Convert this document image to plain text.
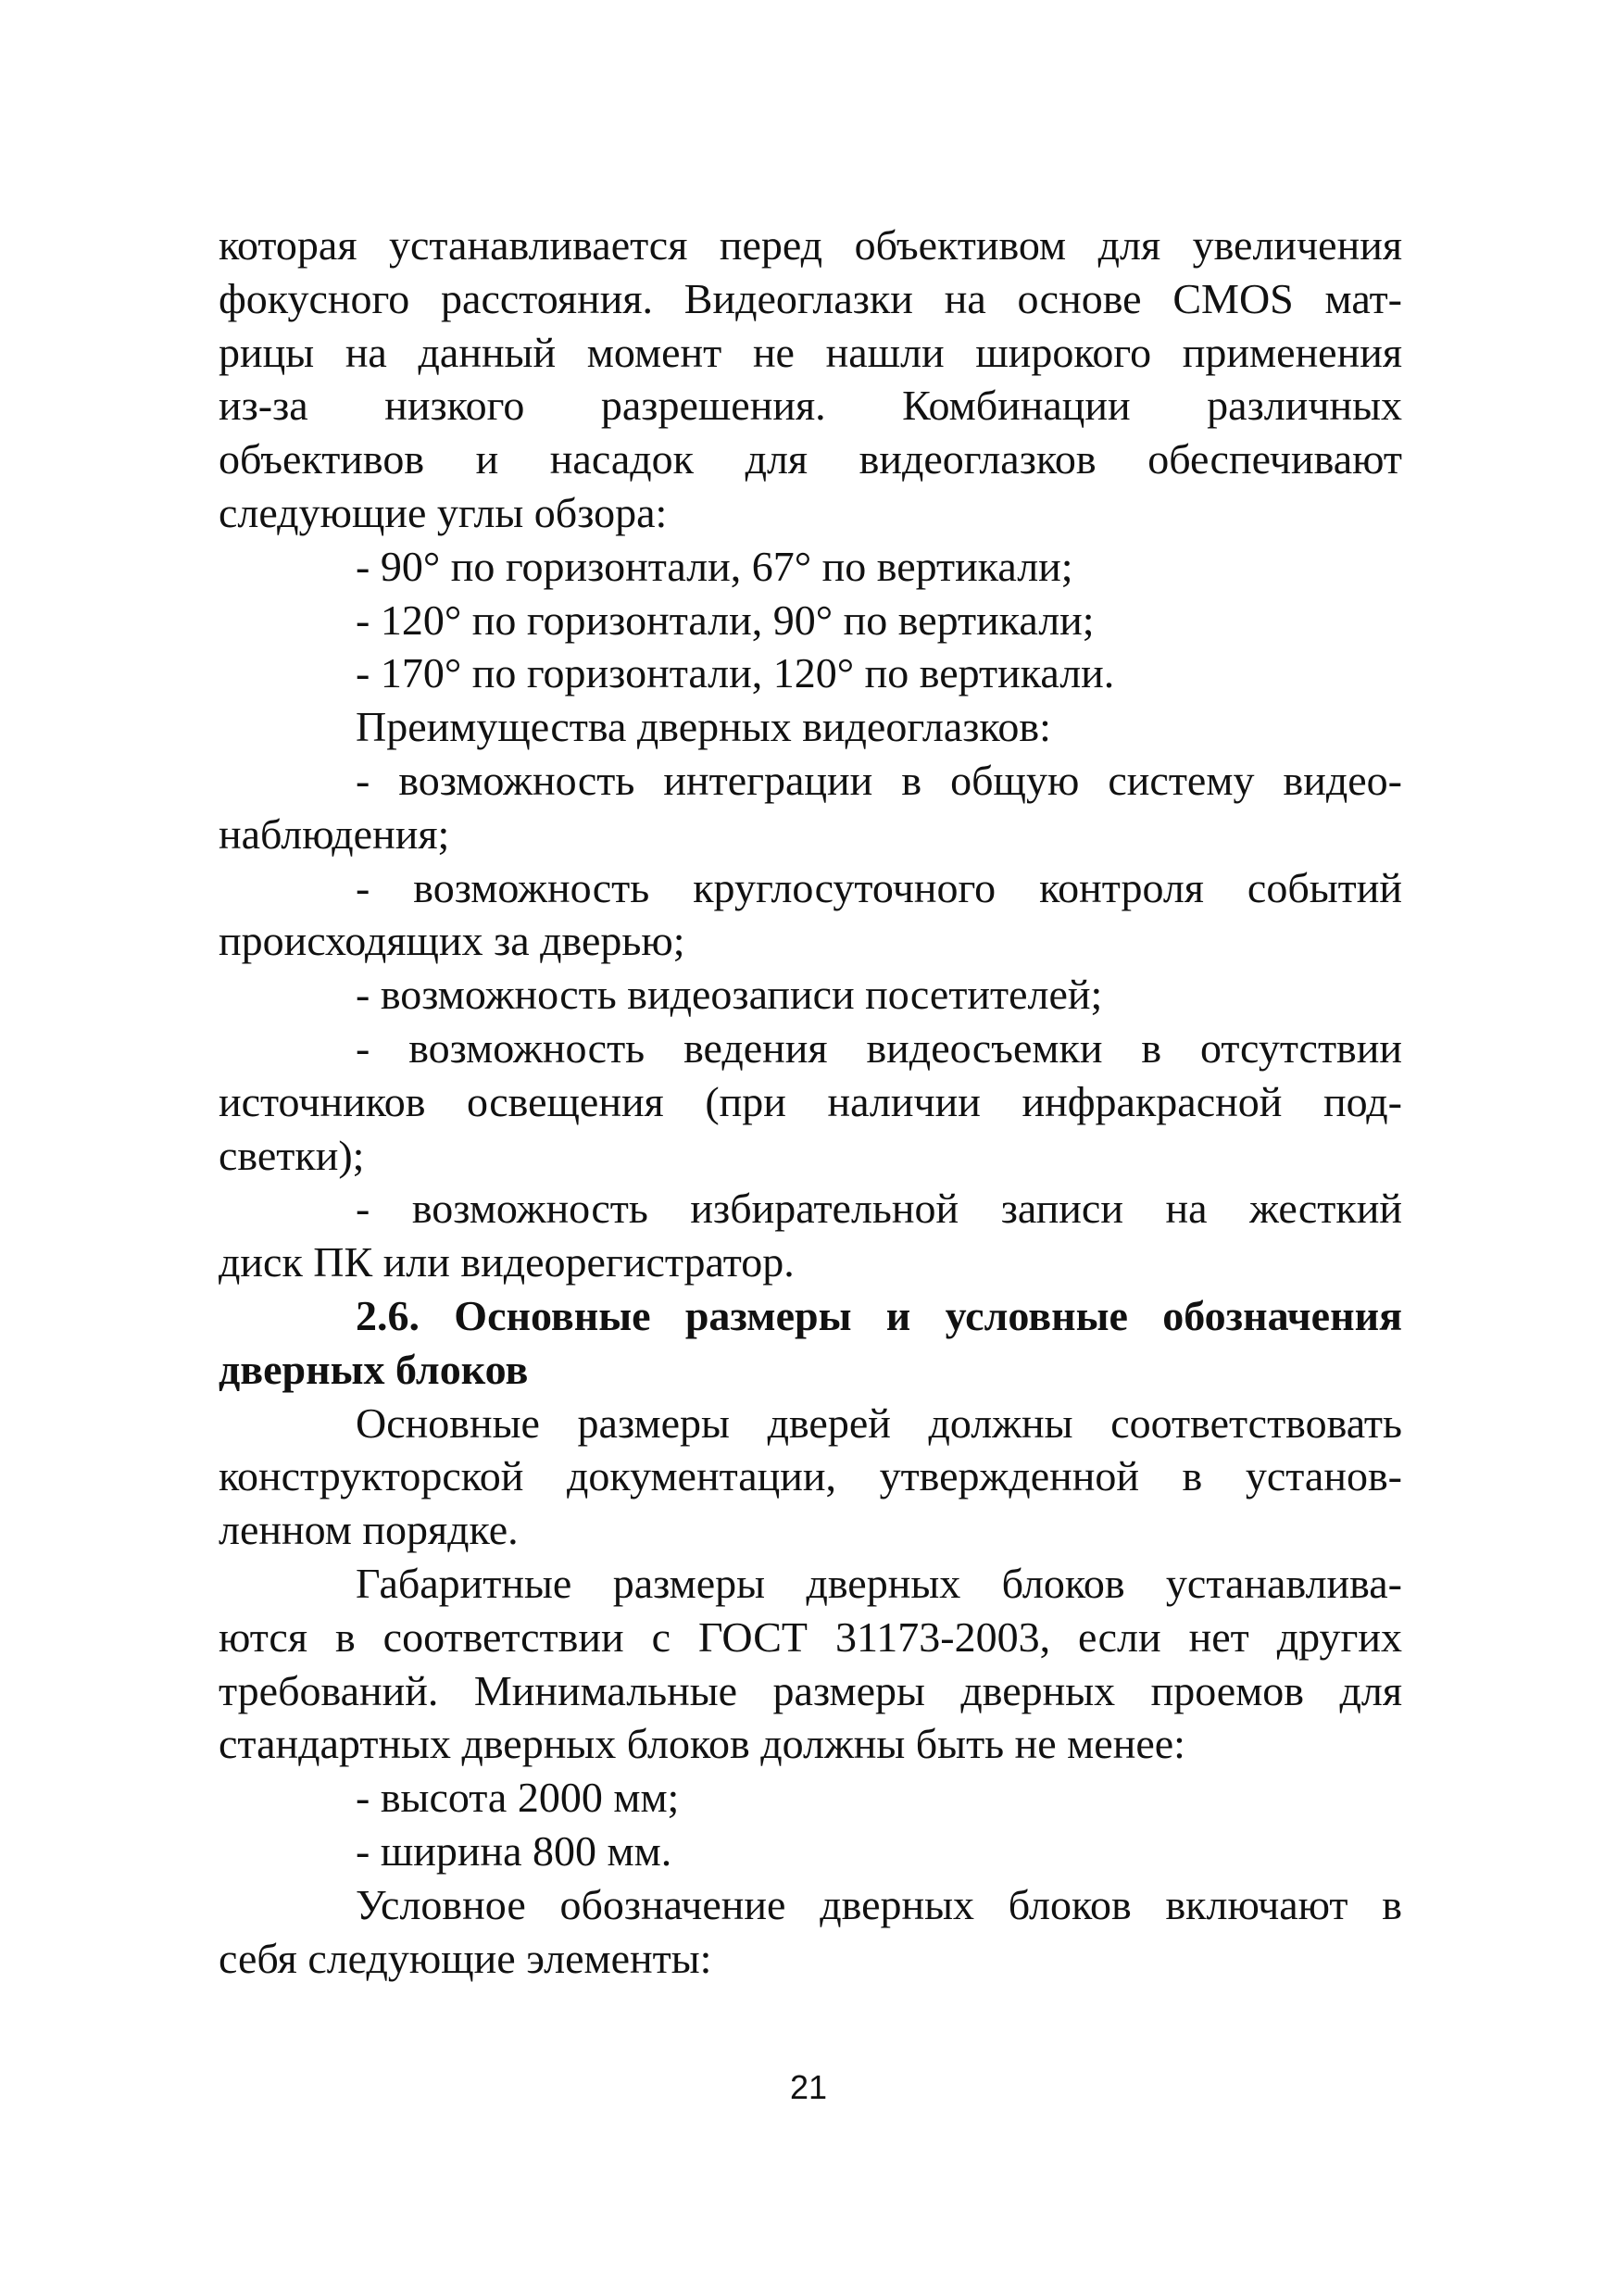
которая устанавливается перед объективом для увеличения
фокусного расстояния. Видеоглазки на основе CMOS мат-
рицы на данный момент не нашли широкого применения
из-за низкого разрешения. Комбинации различных
объективов и насадок для видеоглазков обеспечивают
следующие углы обзора:
- 90° по горизонтали, 67° по вертикали;
- 120° по горизонтали, 90° по вертикали;
- 170° по горизонтали, 120° по вертикали.
Преимущества дверных видеоглазков:
- возможность интеграции в общую систему видео-
наблюдения;
- возможность круглосуточного контроля событий
происходящих за дверью;
- возможность видеозаписи посетителей;
- возможность ведения видеосъемки в отсутствии
источников освещения (при наличии инфракрасной под-
светки);
- возможность избирательной записи на жесткий
диск ПК или видеорегистратор.
2.6. Основные размеры и условные обозначения
дверных блоков
Основные размеры дверей должны соответствовать
конструкторской документации, утвержденной в установ-
ленном порядке.
Габаритные размеры дверных блоков устанавлива-
ются в соответствии с ГОСТ 31173-2003, если нет других
требований. Минимальные размеры дверных проемов для
стандартных дверных блоков должны быть не менее:
- высота 2000 мм;
- ширина 800 мм.
Условное обозначение дверных блоков включают в
себя следующие элементы:
21
